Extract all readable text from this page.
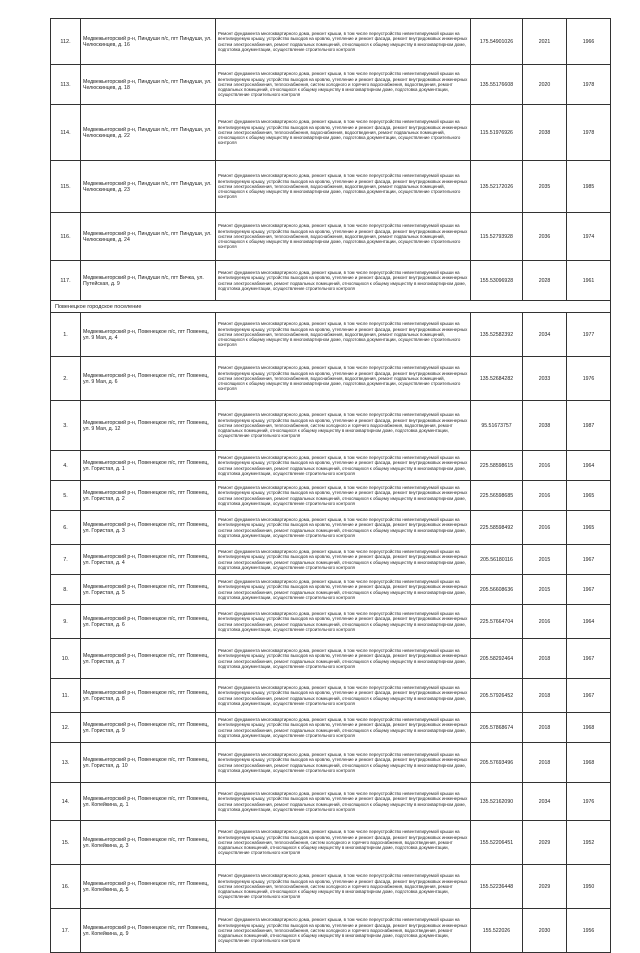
112.	Медвежьегорский р-н, Пиндуши п/с, пгт Пиндуши, ул. Челюскинцев, д. 16	Ремонт фундамента многоквартирного дома, ремонт крыши, в том числе переустройство невентилируемой крыши на вентилируемую крышу, устройство выходов на кровлю, утепление и ремонт фасада, ремонт внутридомовых инженерных систем электроснабжения, ремонт подвальных помещений, относящихся к общему имуществу в многоквартирном доме, подготовка документации, осуществление строительного контроля	175.54901026	2021	1966
113.	Медвежьегорский р-н, Пиндуши п/с, пгт Пиндуши, ул. Челюскинцев, д. 18	Ремонт фундамента многоквартирного дома, ремонт крыши, в том числе переустройство невентилируемой крыши на вентилируемую крышу, устройство выходов на кровлю, утепление и ремонт фасада, ремонт внутридомовых инженерных систем электроснабжения, теплоснабжения, систем холодного и горячего водоснабжения, водоотведения, ремонт подвальных помещений, относящихся к общему имуществу в многоквартирном доме, подготовка документации, осуществление строительного контроля	135.55176608	2020	1978
114.	Медвежьегорский р-н, Пиндуши п/с, пгт Пиндуши, ул. Челюскинцев, д. 22	Ремонт фундамента многоквартирного дома, ремонт крыши, в том числе переустройство невентилируемой крыши на вентилируемую крышу, устройство выходов на кровлю, утепление и ремонт фасада, ремонт внутридомовых инженерных систем электроснабжения, теплоснабжения, водоснабжения, водоотведения, ремонт подвальных помещений, относящихся к общему имуществу в многоквартирном доме, подготовка документации, осуществление строительного контроля	115.51976926	2038	1978
115.	Медвежьегорский р-н, Пиндуши п/с, пгт Пиндуши, ул. Челюскинцев, д. 23	Ремонт фундамента многоквартирного дома, ремонт крыши, в том числе переустройство невентилируемой крыши на вентилируемую крышу, устройство выходов на кровлю, утепление и ремонт фасада, ремонт внутридомовых инженерных систем электроснабжения, теплоснабжения, водоснабжения, водоотведения, ремонт подвальных помещений, относящихся к общему имуществу в многоквартирном доме, подготовка документации, осуществление строительного контроля	135.52172026	2035	1985
116.	Медвежьегорский р-н, Пиндуши п/с, пгт Пиндуши, ул. Челюскинцев, д. 24	Ремонт фундамента многоквартирного дома, ремонт крыши, в том числе переустройство невентилируемой крыши на вентилируемую крышу, устройство выходов на кровлю, утепление и ремонт фасада, ремонт внутридомовых инженерных систем электроснабжения, теплоснабжения, водоснабжения, водоотведения, ремонт подвальных помещений, относящихся к общему имуществу в многоквартирном доме, подготовка документации, осуществление строительного контроля	115.52793928	2036	1974
117.	Медвежьегорский р-н, Пиндуши п/с, пгт Вичка, ул. Путейская, д. 9	Ремонт фундамента многоквартирного дома, ремонт крыши, в том числе переустройство невентилируемой крыши на вентилируемую крышу, устройство выходов на кровлю, утепление и ремонт фасада, ремонт внутридомовых инженерных систем электроснабжения, ремонт подвальных помещений, относящихся к общему имуществу в многоквартирном доме, подготовка документации, осуществление строительного контроля	155.53096928	2028	1961
Повенецкое городское поселение					
1.	Медвежьегорский р-н, Повенецкое п/с, пгт Повенец, ул. 9 Мая, д. 4	Ремонт фундамента многоквартирного дома, ремонт крыши, в том числе переустройство невентилируемой крыши на вентилируемую крышу, устройство выходов на кровлю, утепление и ремонт фасада, ремонт внутридомовых инженерных систем электроснабжения, теплоснабжения, водоснабжения, водоотведения, ремонт подвальных помещений, относящихся к общему имуществу в многоквартирном доме, подготовка документации, осуществление строительного контроля	135.52582392	2034	1977
2.	Медвежьегорский р-н, Повенецкое п/с, пгт Повенец, ул. 9 Мая, д. 6	Ремонт фундамента многоквартирного дома, ремонт крыши, в том числе переустройство невентилируемой крыши на вентилируемую крышу, устройство выходов на кровлю, утепление и ремонт фасада, ремонт внутридомовых инженерных систем электроснабжения, теплоснабжения, водоснабжения, водоотведения, ремонт подвальных помещений, относящихся к общему имуществу в многоквартирном доме, подготовка документации, осуществление строительного контроля	135.52684282	2033	1976
3.	Медвежьегорский р-н, Повенецкое п/с, пгт Повенец, ул. 9 Мая, д. 12	Ремонт фундамента многоквартирного дома, ремонт крыши, в том числе переустройство невентилируемой крыши на вентилируемую крышу, устройство выходов на кровлю, утепление и ремонт фасада, ремонт внутридомовых инженерных систем электроснабжения, теплоснабжения, систем холодного и горячего водоснабжения, водоотведения, ремонт подвальных помещений, относящихся к общему имуществу в многоквартирном доме, подготовка документации, осуществление строительного контроля	95.51673757	2038	1987
4.	Медвежьегорский р-н, Повенецкое п/с, пгт Повенец, ул. Гористая, д. 1	Ремонт фундамента многоквартирного дома, ремонт крыши, в том числе переустройство невентилируемой крыши на вентилируемую крышу, устройство выходов на кровлю, утепление и ремонт фасада, ремонт внутридомовых инженерных систем электроснабжения, ремонт подвальных помещений, относящихся к общему имуществу в многоквартирном доме, подготовка документации, осуществление строительного контроля	225.58598615	2016	1964
5.	Медвежьегорский р-н, Повенецкое п/с, пгт Повенец, ул. Гористая, д. 2	Ремонт фундамента многоквартирного дома, ремонт крыши, в том числе переустройство невентилируемой крыши на вентилируемую крышу, устройство выходов на кровлю, утепление и ремонт фасада, ремонт внутридомовых инженерных систем электроснабжения, ремонт подвальных помещений, относящихся к общему имуществу в многоквартирном доме, подготовка документации, осуществление строительного контроля	225.56598685	2016	1965
6.	Медвежьегорский р-н, Повенецкое п/с, пгт Повенец, ул. Гористая, д. 3	Ремонт фундамента многоквартирного дома, ремонт крыши, в том числе переустройство невентилируемой крыши на вентилируемую крышу, устройство выходов на кровлю, утепление и ремонт фасада, ремонт внутридомовых инженерных систем электроснабжения, ремонт подвальных помещений, относящихся к общему имуществу в многоквартирном доме, подготовка документации, осуществление строительного контроля	225.58598492	2016	1965
7.	Медвежьегорский р-н, Повенецкое п/с, пгт Повенец, ул. Гористая, д. 4	Ремонт фундамента многоквартирного дома, ремонт крыши, в том числе переустройство невентилируемой крыши на вентилируемую крышу, устройство выходов на кровлю, утепление и ремонт фасада, ремонт внутридомовых инженерных систем электроснабжения, ремонт подвальных помещений, относящихся к общему имуществу в многоквартирном доме, подготовка документации, осуществление строительного контроля	205.56180116	2015	1967
8.	Медвежьегорский р-н, Повенецкое п/с, пгт Повенец, ул. Гористая, д. 5	Ремонт фундамента многоквартирного дома, ремонт крыши, в том числе переустройство невентилируемой крыши на вентилируемую крышу, устройство выходов на кровлю, утепление и ремонт фасада, ремонт внутридомовых инженерных систем электроснабжения, ремонт подвальных помещений, относящихся к общему имуществу в многоквартирном доме, подготовка документации, осуществление строительного контроля	205.56608636	2015	1967
9.	Медвежьегорский р-н, Повенецкое п/с, пгт Повенец, ул. Гористая, д. 6	Ремонт фундамента многоквартирного дома, ремонт крыши, в том числе переустройство невентилируемой крыши на вентилируемую крышу, устройство выходов на кровлю, утепление и ремонт фасада, ремонт внутридомовых инженерных систем электроснабжения, ремонт подвальных помещений, относящихся к общему имуществу в многоквартирном доме, подготовка документации, осуществление строительного контроля	225.57664704	2016	1964
10.	Медвежьегорский р-н, Повенецкое п/с, пгт Повенец, ул. Гористая, д. 7	Ремонт фундамента многоквартирного дома, ремонт крыши, в том числе переустройство невентилируемой крыши на вентилируемую крышу, устройство выходов на кровлю, утепление и ремонт фасада, ремонт внутридомовых инженерных систем электроснабжения, ремонт подвальных помещений, относящихся к общему имуществу в многоквартирном доме, подготовка документации, осуществление строительного контроля	205.58292464	2018	1967
11.	Медвежьегорский р-н, Повенецкое п/с, пгт Повенец, ул. Гористая, д. 8	Ремонт фундамента многоквартирного дома, ремонт крыши, в том числе переустройство невентилируемой крыши на вентилируемую крышу, устройство выходов на кровлю, утепление и ремонт фасада, ремонт внутридомовых инженерных систем электроснабжения, ремонт подвальных помещений, относящихся к общему имуществу в многоквартирном доме, подготовка документации, осуществление строительного контроля	205.57926452	2018	1967
12.	Медвежьегорский р-н, Повенецкое п/с, пгт Повенец, ул. Гористая, д. 9	Ремонт фундамента многоквартирного дома, ремонт крыши, в том числе переустройство невентилируемой крыши на вентилируемую крышу, устройство выходов на кровлю, утепление и ремонт фасада, ремонт внутридомовых инженерных систем электроснабжения, ремонт подвальных помещений, относящихся к общему имуществу в многоквартирном доме, подготовка документации, осуществление строительного контроля	205.57868674	2018	1968
13.	Медвежьегорский р-н, Повенецкое п/с, пгт Повенец, ул. Гористая, д. 10	Ремонт фундамента многоквартирного дома, ремонт крыши, в том числе переустройство невентилируемой крыши на вентилируемую крышу, устройство выходов на кровлю, утепление и ремонт фасада, ремонт внутридомовых инженерных систем электроснабжения, ремонт подвальных помещений, относящихся к общему имуществу в многоквартирном доме, подготовка документации, осуществление строительного контроля	205.57693496	2018	1968
14.	Медвежьегорский р-н, Повенецкое п/с, пгт Повенец, ул. Копейкина, д. 1	Ремонт фундамента многоквартирного дома, ремонт крыши, в том числе переустройство невентилируемой крыши на вентилируемую крышу, устройство выходов на кровлю, утепление и ремонт фасада, ремонт внутридомовых инженерных систем электроснабжения, ремонт подвальных помещений, относящихся к общему имуществу в многоквартирном доме, подготовка документации, осуществление строительного контроля	135.52162090	2034	1976
15.	Медвежьегорский р-н, Повенецкое п/с, пгт Повенец, ул. Копейкина, д. 3	Ремонт фундамента многоквартирного дома, ремонт крыши, в том числе переустройство невентилируемой крыши на вентилируемую крышу, устройство выходов на кровлю, утепление и ремонт фасада, ремонт внутридомовых инженерных систем электроснабжения, теплоснабжения, систем холодного и горячего водоснабжения, водоотведения, ремонт подвальных помещений, относящихся к общему имуществу в многоквартирном доме, подготовка документации, осуществление строительного контроля	155.52206451	2029	1952
16.	Медвежьегорский р-н, Повенецкое п/с, пгт Повенец, ул. Копейкина, д. 5	Ремонт фундамента многоквартирного дома, ремонт крыши, в том числе переустройство невентилируемой крыши на вентилируемую крышу, устройство выходов на кровлю, утепление и ремонт фасада, ремонт внутридомовых инженерных систем электроснабжения, теплоснабжения, систем холодного и горячего водоснабжения, водоотведения, ремонт подвальных помещений, относящихся к общему имуществу в многоквартирном доме, подготовка документации, осуществление строительного контроля	155.52236448	2029	1950
17.	Медвежьегорский р-н, Повенецкое п/с, пгт Повенец, ул. Копейкина, д. 9	Ремонт фундамента многоквартирного дома, ремонт крыши, в том числе переустройство невентилируемой крыши на вентилируемую крышу, устройство выходов на кровлю, утепление и ремонт фасада, ремонт внутридомовых инженерных систем электроснабжения, теплоснабжения, систем холодного и горячего водоснабжения, водоотведения, ремонт подвальных помещений, относящихся к общему имуществу в многоквартирном доме, подготовка документации, осуществление строительного контроля	155.522026	2030	1956
